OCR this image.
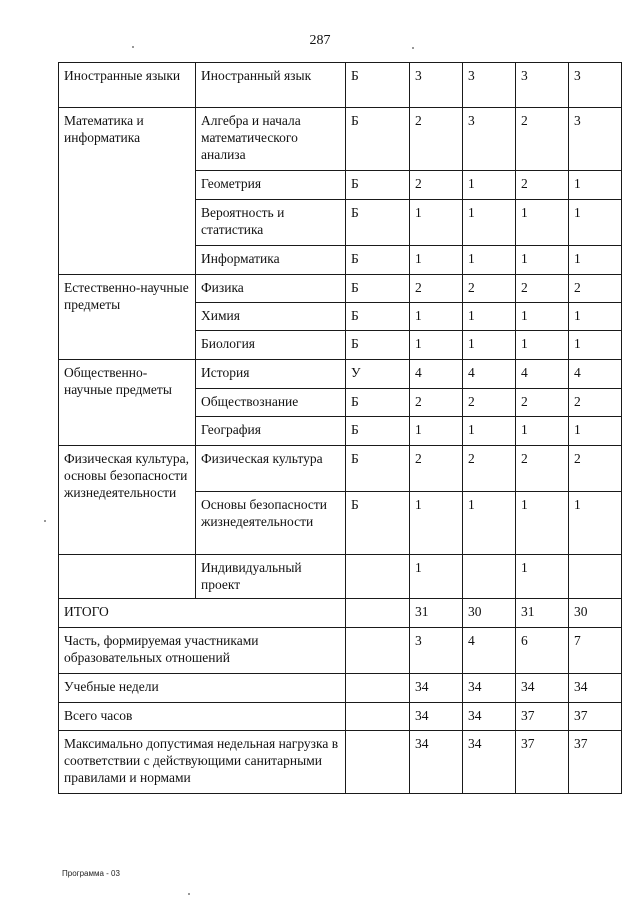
287
Иностранные языки	Иностранный язык	Б	3	3	3	3
Математика и информатика	Алгебра и начала математического анализа	Б	2	3	2	3
	Геометрия	Б	2	1	2	1
	Вероятность и статистика	Б	1	1	1	1
	Информатика	Б	1	1	1	1
Естественно-научные предметы	Физика	Б	2	2	2	2
	Химия	Б	1	1	1	1
	Биология	Б	1	1	1	1
Общественно-научные предметы	История	У	4	4	4	4
	Обществознание	Б	2	2	2	2
	География	Б	1	1	1	1
Физическая культура, основы безопасности жизнедеятельности	Физическая культура	Б	2	2	2	2
	Основы безопасности жизнедеятельности	Б	1	1	1	1
	Индивидуальный проект		1		1	
ИТОГО			31	30	31	30
Часть, формируемая участниками образовательных отношений			3	4	6	7
Учебные недели			34	34	34	34
Всего часов			34	34	37	37
Максимально допустимая недельная нагрузка в соответствии с действующими санитарными правилами и нормами			34	34	37	37
Программа - 03
